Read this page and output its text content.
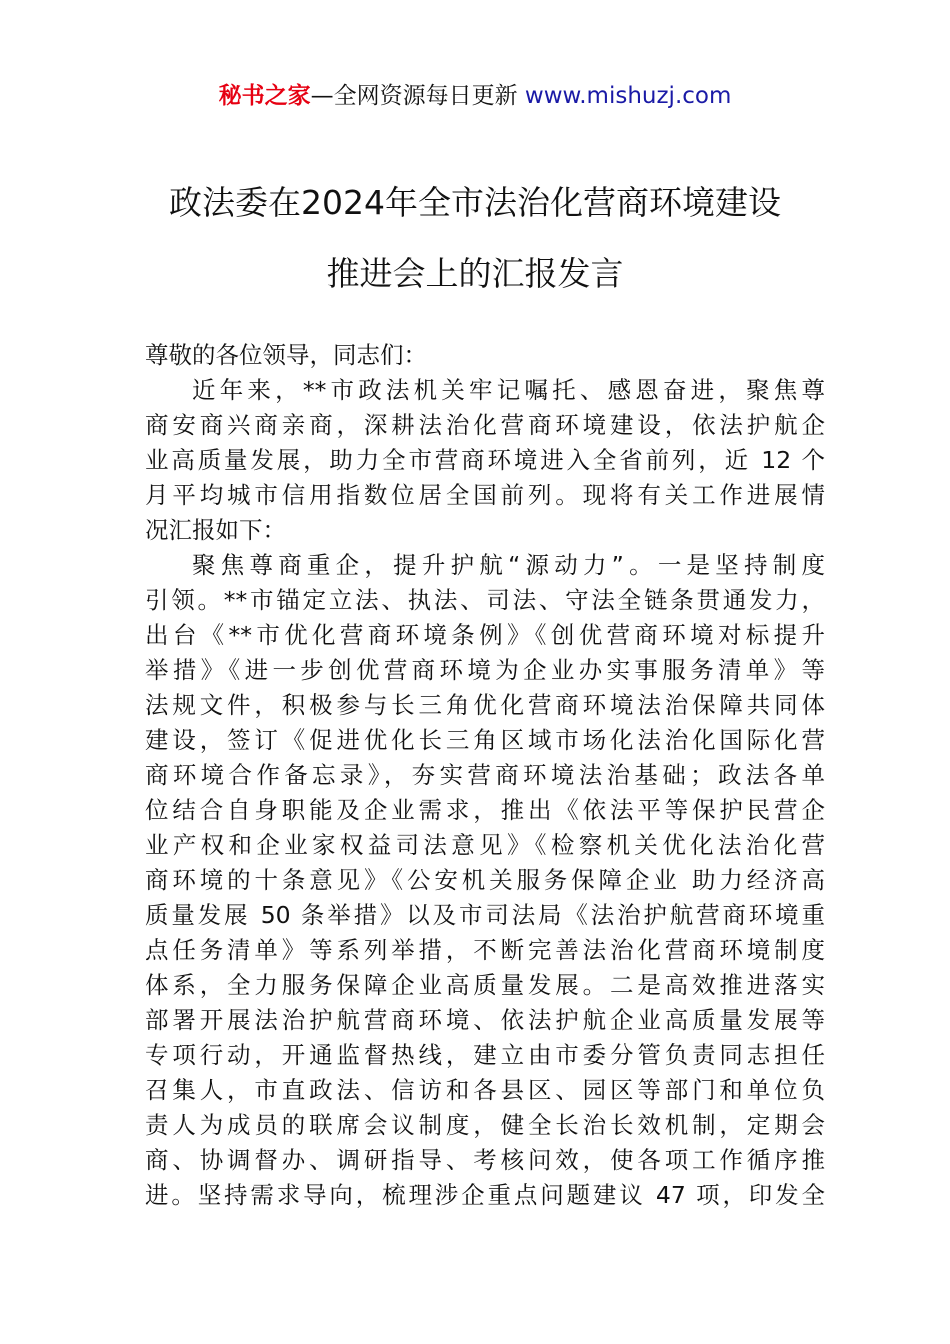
秘书之家—全网资源每日更新 www.mishuzj.com
政法委在2024年全市法治化营商环境建设
推进会上的汇报发言
尊敬的各位领导，同志们：
近年来，**市政法机关牢记嘱托、感恩奋进，聚焦尊
商安商兴商亲商，深耕法治化营商环境建设，依法护航企
业高质量发展，助力全市营商环境进入全省前列，近 12 个
月平均城市信用指数位居全国前列。现将有关工作进展情
况汇报如下：
聚焦尊商重企，提升护航“源动力”。一是坚持制度
引领。**市锚定立法、执法、司法、守法全链条贯通发力，
出台《**市优化营商环境条例》《创优营商环境对标提升
举措》《进一步创优营商环境为企业办实事服务清单》等
法规文件，积极参与长三角优化营商环境法治保障共同体
建设，签订《促进优化长三角区域市场化法治化国际化营
商环境合作备忘录》，夯实营商环境法治基础；政法各单
位结合自身职能及企业需求，推出《依法平等保护民营企
业产权和企业家权益司法意见》《检察机关优化法治化营
商环境的十条意见》《公安机关服务保障企业 助力经济高
质量发展 50 条举措》以及市司法局《法治护航营商环境重
点任务清单》等系列举措，不断完善法治化营商环境制度
体系，全力服务保障企业高质量发展。二是高效推进落实
部署开展法治护航营商环境、依法护航企业高质量发展等
专项行动，开通监督热线，建立由市委分管负责同志担任
召集人，市直政法、信访和各县区、园区等部门和单位负
责人为成员的联席会议制度，健全长治长效机制，定期会
商、协调督办、调研指导、考核问效，使各项工作循序推
进。坚持需求导向，梳理涉企重点问题建议 47 项，印发全
